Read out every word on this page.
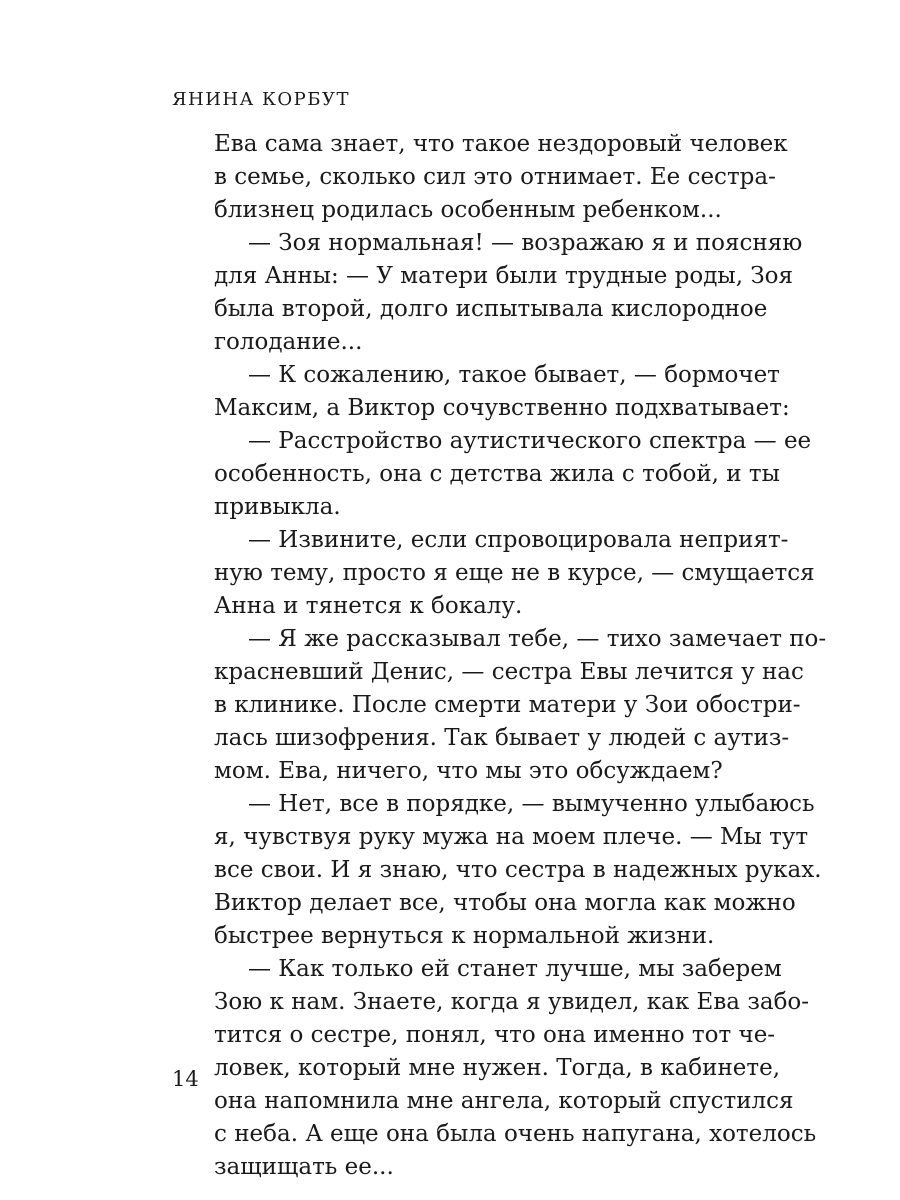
ЯНИНА КОРБУТ
Ева сама знает, что такое нездоровый человек
в семье, сколько сил это отнимает. Ее сестра-
близнец родилась особенным ребенком...
— Зоя нормальная! — возражаю я и поясняю
для Анны: — У матери были трудные роды, Зоя
была второй, долго испытывала кислородное
голодание...
— К сожалению, такое бывает, — бормочет
Максим, а Виктор сочувственно подхватывает:
— Расстройство аутистического спектра — ее
особенность, она с детства жила с тобой, и ты
привыкла.
— Извините, если спровоцировала неприят-
ную тему, просто я еще не в курсе, — смущается
Анна и тянется к бокалу.
— Я же рассказывал тебе, — тихо замечает по-
красневший Денис, — сестра Евы лечится у нас
в клинике. После смерти матери у Зои обостри-
лась шизофрения. Так бывает у людей с аутиз-
мом. Ева, ничего, что мы это обсуждаем?
— Нет, все в порядке, — вымученно улыбаюсь
я, чувствуя руку мужа на моем плече. — Мы тут
все свои. И я знаю, что сестра в надежных руках.
Виктор делает все, чтобы она могла как можно
быстрее вернуться к нормальной жизни.
— Как только ей станет лучше, мы заберем
Зою к нам. Знаете, когда я увидел, как Ева забо-
тится о сестре, понял, что она именно тот че-
ловек, который мне нужен. Тогда, в кабинете,
она напомнила мне ангела, который спустился
с неба. А еще она была очень напугана, хотелось
защищать ее...
14
